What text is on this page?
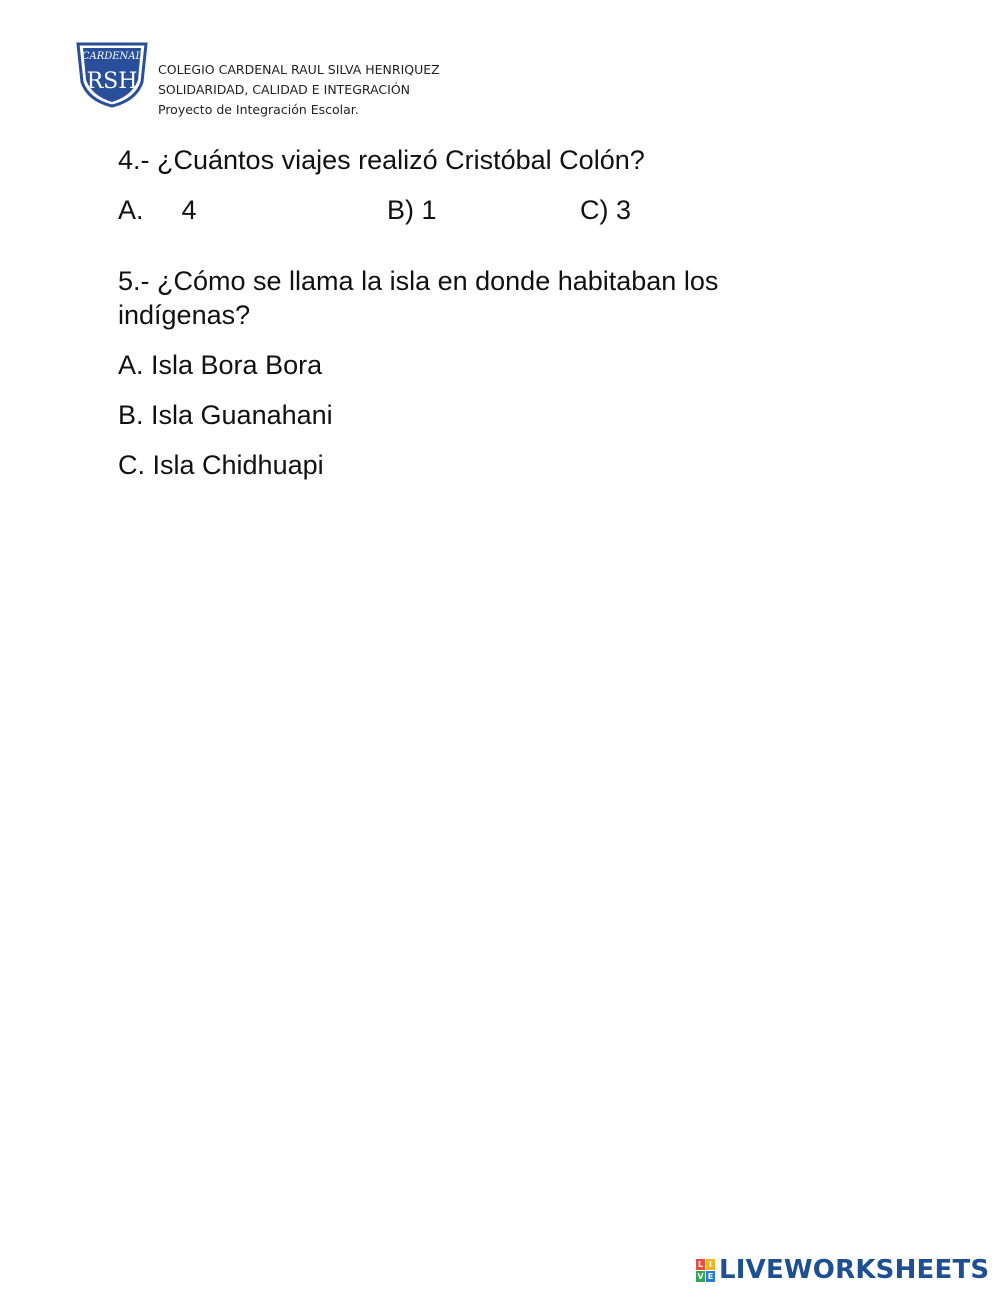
CARDENAL
RSH COLEGIO CARDENAL RAUL SILVA HENRIQUEZ
SOLIDARIDAD, CALIDAD E INTEGRACIÓN
Proyecto de Integración Escolar.
4.- ¿Cuántos viajes realizó Cristóbal Colón?
A. 4	B) 1	C) 3
5.- ¿Cómo se llama la isla en donde habitaban los indígenas?
A. Isla Bora Bora
B. Isla Guanahani
C. Isla Chidhuapi
L I
V E LIVEWORKSHEETS
